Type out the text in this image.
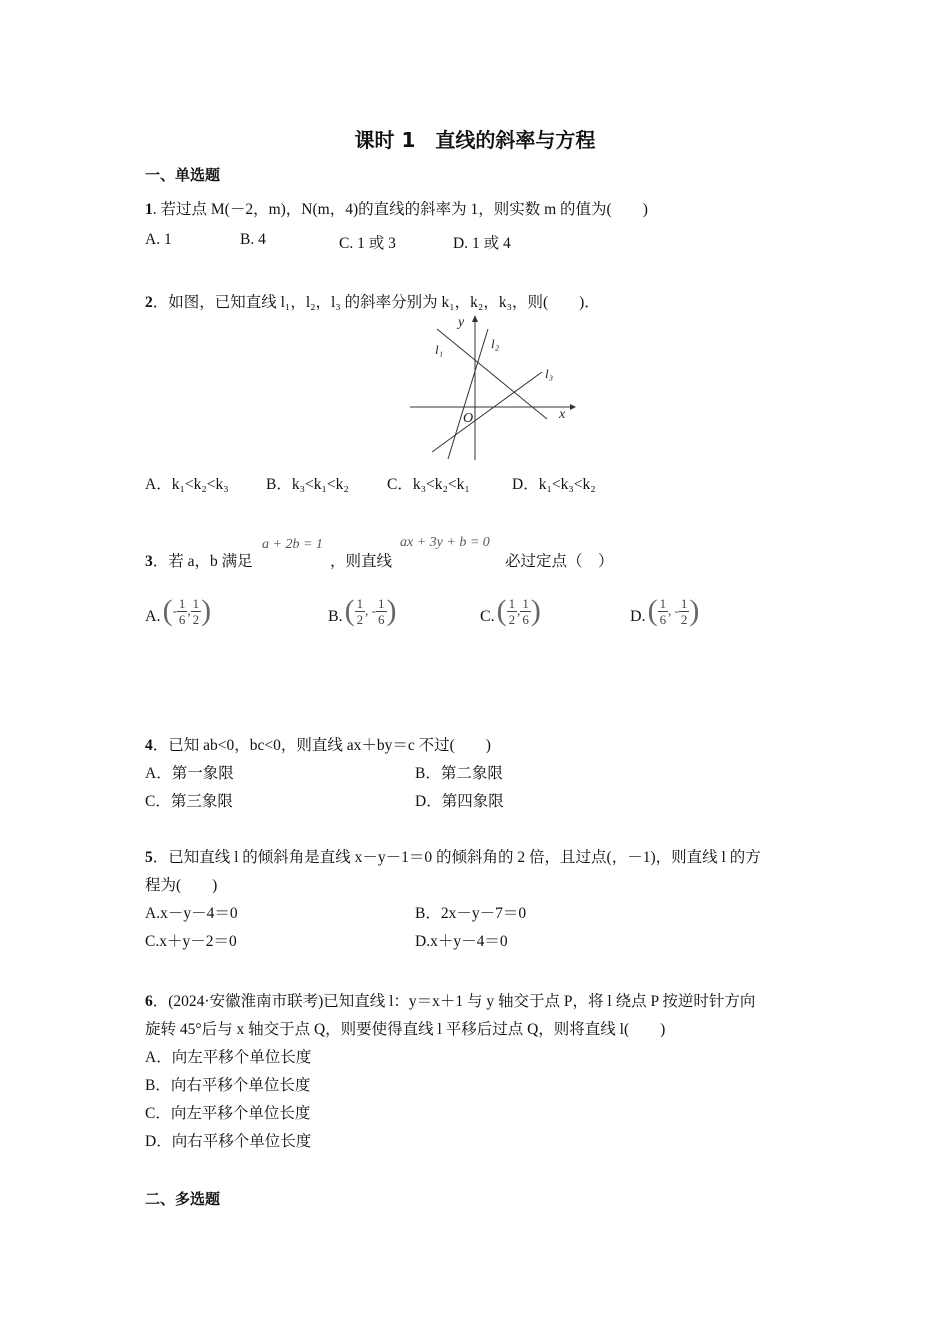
课时 1　直线的斜率与方程
一、单选题
1. 若过点 M(－2，m)，N(m，4)的直线的斜率为 1，则实数 m 的值为(　　)
A. 1	B. 4	C. 1 或 3	D. 1 或 4
2．如图，已知直线 l₁，l₂，l₃ 的斜率分别为 k₁，k₂，k₃，则(　　)．
y
x
O
l₁	l₂
l₃
A．k₁<k₂<k₃ B．k₃<k₁<k₂ C．k₃<k₂<k₁	D．k₁<k₃<k₂
3．若 a，b 满足
a + 2b = 1
，则直线
ax + 3y + b = 0
必过定点（　）
A. ( - $\frac{1}{6}$ , $\frac{1}{2}$ )	B. ( $\frac{1}{2}$ , - $\frac{1}{6}$ )	C. ( $\frac{1}{2}$ , $\frac{1}{6}$ )	D. ( $\frac{1}{6}$ , - $\frac{1}{2}$ )
4．已知 ab<0，bc<0，则直线 ax＋by＝c 不过(　　)
A．第一象限	B．第二象限
C．第三象限	D．第四象限
5．已知直线 l 的倾斜角是直线 x－y－1＝0 的倾斜角的 2 倍，且过点(，－1)，则直线 l 的方
程为(　　)
A.x－y－4＝0	B．2x－y－7＝0
C.x＋y－2＝0	D.x＋y－4＝0
6．(2024·安徽淮南市联考)已知直线 l：y＝x＋1 与 y 轴交于点 P，将 l 绕点 P 按逆时针方向
旋转 45°后与 x 轴交于点 Q，则要使得直线 l 平移后过点 Q，则将直线 l(　　)
A．向左平移个单位长度
B．向右平移个单位长度
C．向左平移个单位长度
D．向右平移个单位长度
二、多选题
